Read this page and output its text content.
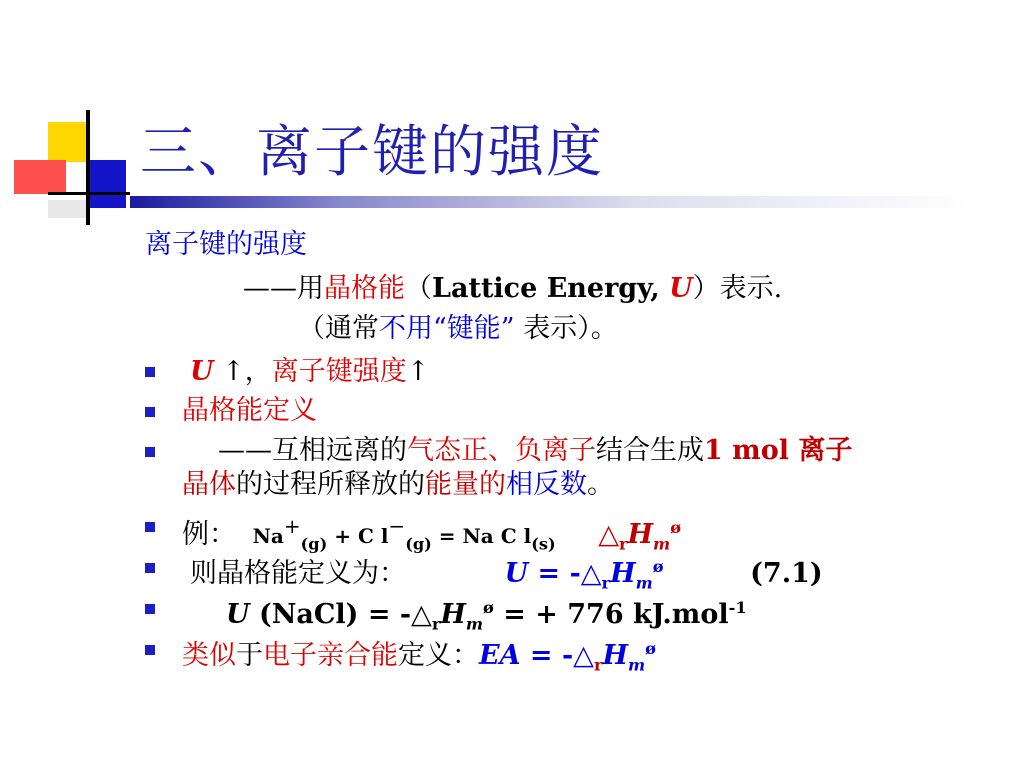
三、离子键的强度
离子键的强度
——用晶格能（Lattice Energy, U）表示.
（通常不用“键能” 表示）。
U ↑，离子键强度↑
晶格能定义
——互相远离的气态正、负离子结合生成1 mol 离子
晶体的过程所释放的能量的相反数。
例： $Na^+_{(g)} + C$ $l^-_{(g)} = Na$ C $l_{(s)}$ $\triangle_rH_m^ø$
则晶格能定义为：	$U = -\triangle_rH_m^ø$	(7.1)
U (NaCl) = $-\triangle_rH_m^ø$ = + 776 kJ.mol$^{-1}$
类似于电子亲合能定义：EA = $-\triangle_rH_m^ø$
